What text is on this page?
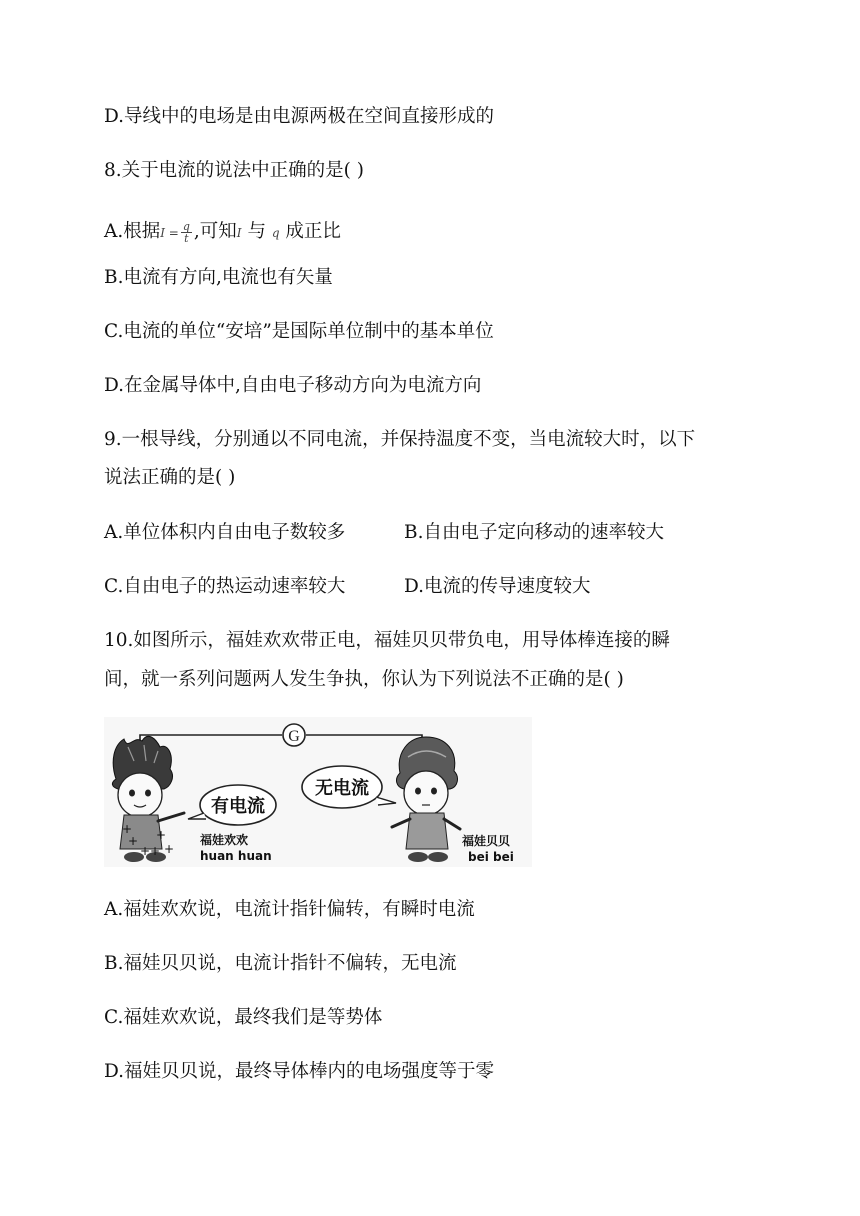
D.导线中的电场是由电源两极在空间直接形成的
8.关于电流的说法中正确的是( )
A.根据$I = \frac{q}{t}$ ,可知I 与 q 成正比
B.电流有方向,电流也有矢量
C.电流的单位“安培”是国际单位制中的基本单位
D.在金属导体中,自由电子移动方向为电流方向
9.一根导线，分别通以不同电流，并保持温度不变，当电流较大时，以下
说法正确的是( )
A.单位体积内自由电子数较多	B.自由电子定向移动的速率较大
C.自由电子的热运动速率较大	D.电流的传导速度较大
10.如图所示，福娃欢欢带正电，福娃贝贝带负电，用导体棒连接的瞬
间，就一系列问题两人发生争执，你认为下列说法不正确的是( )
G
+
+
++
+
+
有电流
福娃欢欢
huan huan
无电流
福娃贝贝
bei bei
A.福娃欢欢说，电流计指针偏转，有瞬时电流
B.福娃贝贝说，电流计指针不偏转，无电流
C.福娃欢欢说，最终我们是等势体
D.福娃贝贝说，最终导体棒内的电场强度等于零
